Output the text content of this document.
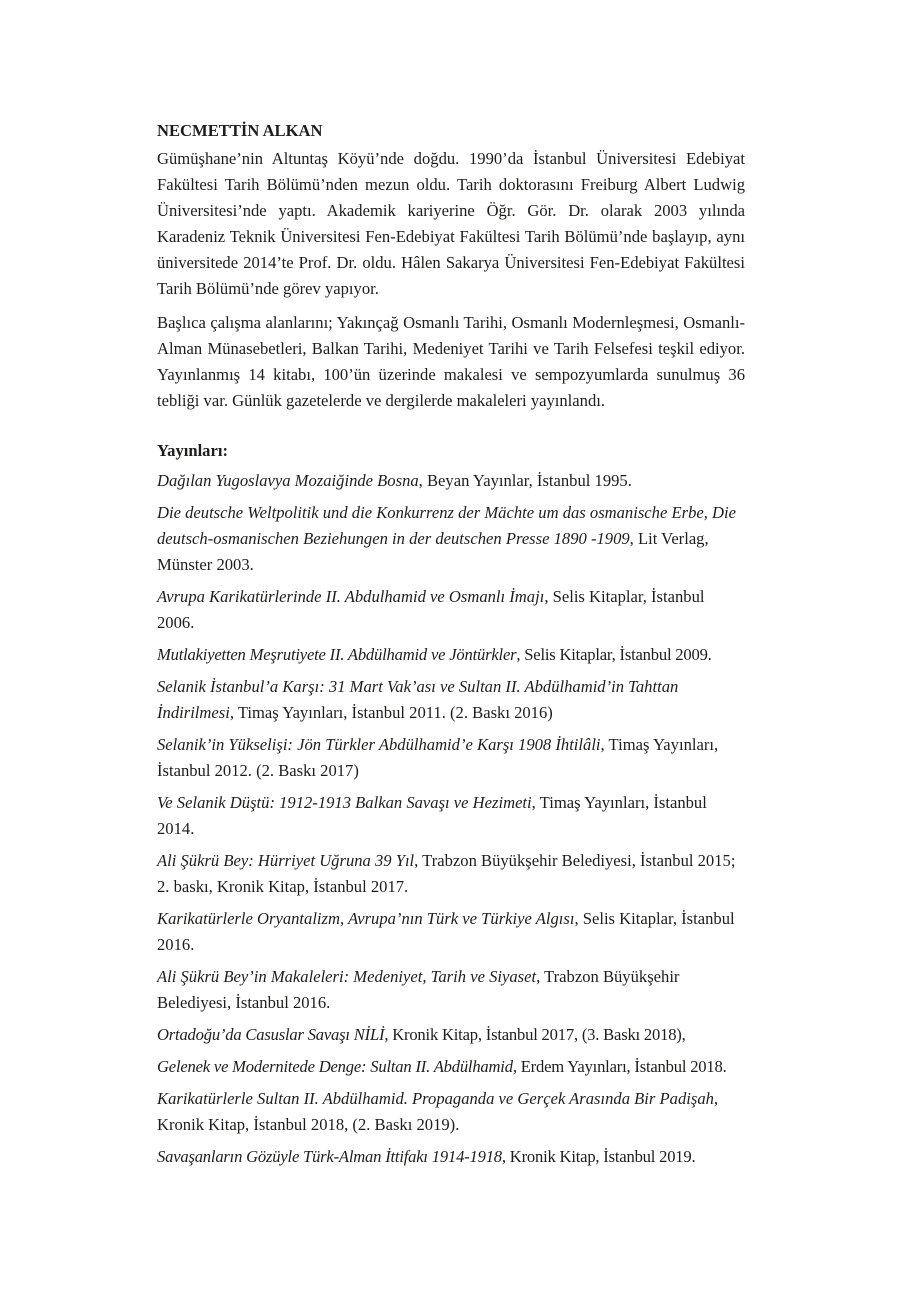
NECMETTİN ALKAN

Gümüşhane’nin Altuntaş Köyü’nde doğdu. 1990’da İstanbul Üniversitesi Edebiyat Fakültesi Tarih Bölümü’nden mezun oldu. Tarih doktorasını Freiburg Albert Ludwig Üniversitesi’nde yaptı. Akademik kariyerine Öğr. Gör. Dr. olarak 2003 yılında Karadeniz Teknik Üniversitesi Fen-Edebiyat Fakültesi Tarih Bölümü’nde başlayıp, aynı üniversitede 2014’te Prof. Dr. oldu. Hâlen Sakarya Üniversitesi Fen-Edebiyat Fakültesi Tarih Bölümü’nde görev yapıyor.

Başlıca çalışma alanlarını; Yakınçağ Osmanlı Tarihi, Osmanlı Modernleşmesi, Osmanlı-Alman Münasebetleri, Balkan Tarihi, Medeniyet Tarihi ve Tarih Felsefesi teşkil ediyor. Yayınlanmış 14 kitabı, 100’ün üzerinde makalesi ve sempozyumlarda sunulmuş 36 tebliği var. Günlük gazetelerde ve dergilerde makaleleri yayınlandı.

Yayınları:

Dağılan Yugoslavya Mozaiğinde Bosna, Beyan Yayınlar, İstanbul 1995.

Die deutsche Weltpolitik und die Konkurrenz der Mächte um das osmanische Erbe, Die deutsch-osmanischen Beziehungen in der deutschen Presse 1890 -1909, Lit Verlag, Münster 2003.

Avrupa Karikatürlerinde II. Abdulhamid ve Osmanlı İmajı, Selis Kitaplar, İstanbul 2006.

Mutlakiyetten Meşrutiyete II. Abdülhamid ve Jöntürkler, Selis Kitaplar, İstanbul 2009.

Selanik İstanbul’a Karşı: 31 Mart Vak’ası ve Sultan II. Abdülhamid’in Tahttan İndirilmesi, Timaş Yayınları, İstanbul 2011. (2. Baskı 2016)

Selanik’in Yükselişi: Jön Türkler Abdülhamid’e Karşı 1908 İhtilâli, Timaş Yayınları, İstanbul 2012. (2. Baskı 2017)

Ve Selanik Düştü: 1912-1913 Balkan Savaşı ve Hezimeti, Timaş Yayınları, İstanbul 2014.

Ali Şükrü Bey: Hürriyet Uğruna 39 Yıl, Trabzon Büyükşehir Belediyesi, İstanbul 2015; 2. baskı, Kronik Kitap, İstanbul 2017.

Karikatürlerle Oryantalizm, Avrupa’nın Türk ve Türkiye Algısı, Selis Kitaplar, İstanbul 2016.

Ali Şükrü Bey’in Makaleleri: Medeniyet, Tarih ve Siyaset, Trabzon Büyükşehir Belediyesi, İstanbul 2016.

Ortadoğu’da Casuslar Savaşı NİLİ, Kronik Kitap, İstanbul 2017, (3. Baskı 2018),

Gelenek ve Modernitede Denge: Sultan II. Abdülhamid, Erdem Yayınları, İstanbul 2018.

Karikatürlerle Sultan II. Abdülhamid. Propaganda ve Gerçek Arasında Bir Padişah, Kronik Kitap, İstanbul 2018, (2. Baskı 2019).

Savaşanların Gözüyle Türk-Alman İttifakı 1914-1918, Kronik Kitap, İstanbul 2019.
